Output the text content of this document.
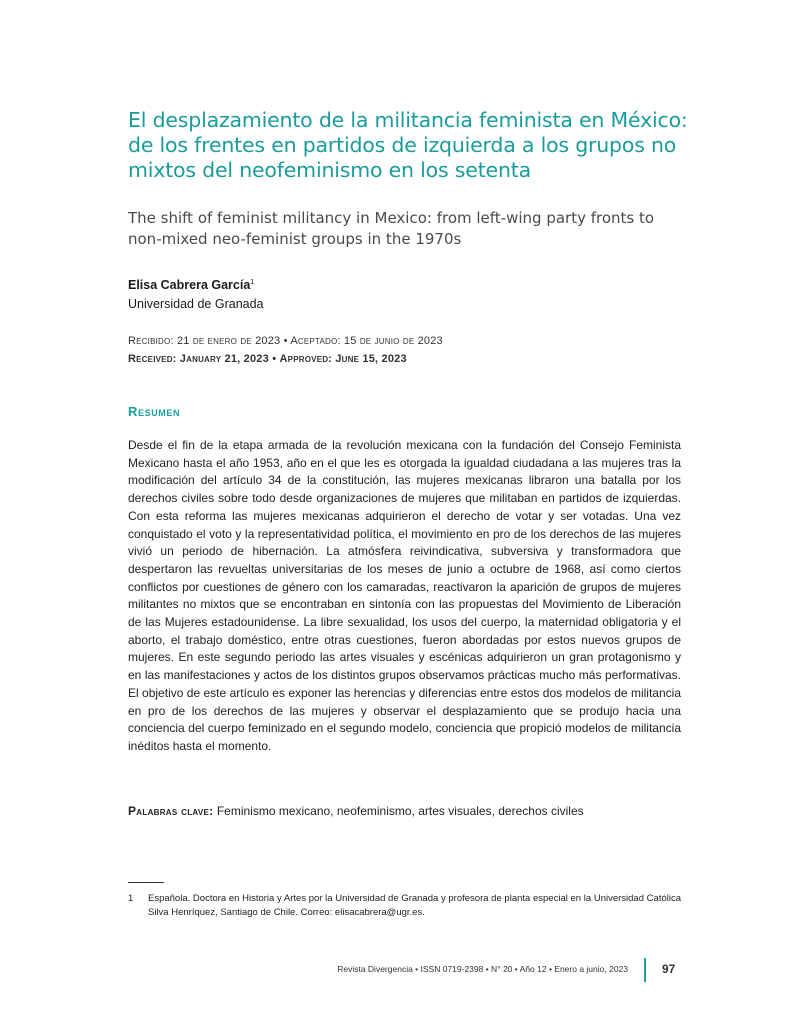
El desplazamiento de la militancia feminista en México: de los frentes en partidos de izquierda a los grupos no mixtos del neofeminismo en los setenta
The shift of feminist militancy in Mexico: from left-wing party fronts to non-mixed neo-feminist groups in the 1970s
Elisa Cabrera García$^1$
Universidad de Granada
Recibido: 21 de enero de 2023 • Aceptado: 15 de junio de 2023
Received: January 21, 2023 • Approved: June 15, 2023
Resumen

Desde el fin de la etapa armada de la revolución mexicana con la fundación del Consejo Feminista Mexicano hasta el año 1953, año en el que les es otorgada la igualdad ciudadana a las mujeres tras la modificación del artículo 34 de la constitución, las mujeres mexicanas libraron una batalla por los derechos civiles sobre todo desde organizaciones de mujeres que militaban en partidos de izquierdas. Con esta reforma las mujeres mexicanas adquirieron el derecho de votar y ser votadas. Una vez conquistado el voto y la representatividad política, el movimiento en pro de los derechos de las mujeres vivió un periodo de hibernación. La atmósfera reivindicativa, subversiva y transformadora que despertaron las revueltas universitarias de los meses de junio a octubre de 1968, así como ciertos conflictos por cuestiones de género con los camaradas, reactivaron la aparición de grupos de mujeres militantes no mixtos que se encontraban en sintonía con las propuestas del Movimiento de Liberación de las Mujeres estadounidense. La libre sexualidad, los usos del cuerpo, la maternidad obligatoria y el aborto, el trabajo doméstico, entre otras cuestiones, fueron abordadas por estos nuevos grupos de mujeres. En este segundo periodo las artes visuales y escénicas adquirieron un gran protagonismo y en las manifestaciones y actos de los distintos grupos observamos prácticas mucho más performativas. El objetivo de este artículo es exponer las herencias y diferencias entre estos dos modelos de militancia en pro de los derechos de las mujeres y observar el desplazamiento que se produjo hacia una conciencia del cuerpo feminizado en el segundo modelo, conciencia que propició modelos de militancia inéditos hasta el momento.

Palabras clave: Feminismo mexicano, neofeminismo, artes visuales, derechos civiles

1 Española. Doctora en Historia y Artes por la Universidad de Granada y profesora de planta especial en la Universidad Católica Silva Henríquez, Santiago de Chile. Correo: elisacabrera@ugr.es.
Revista Divergencia • ISSN 0719-2398 • N° 20 • Año 12 • Enero a junio, 2023	97
